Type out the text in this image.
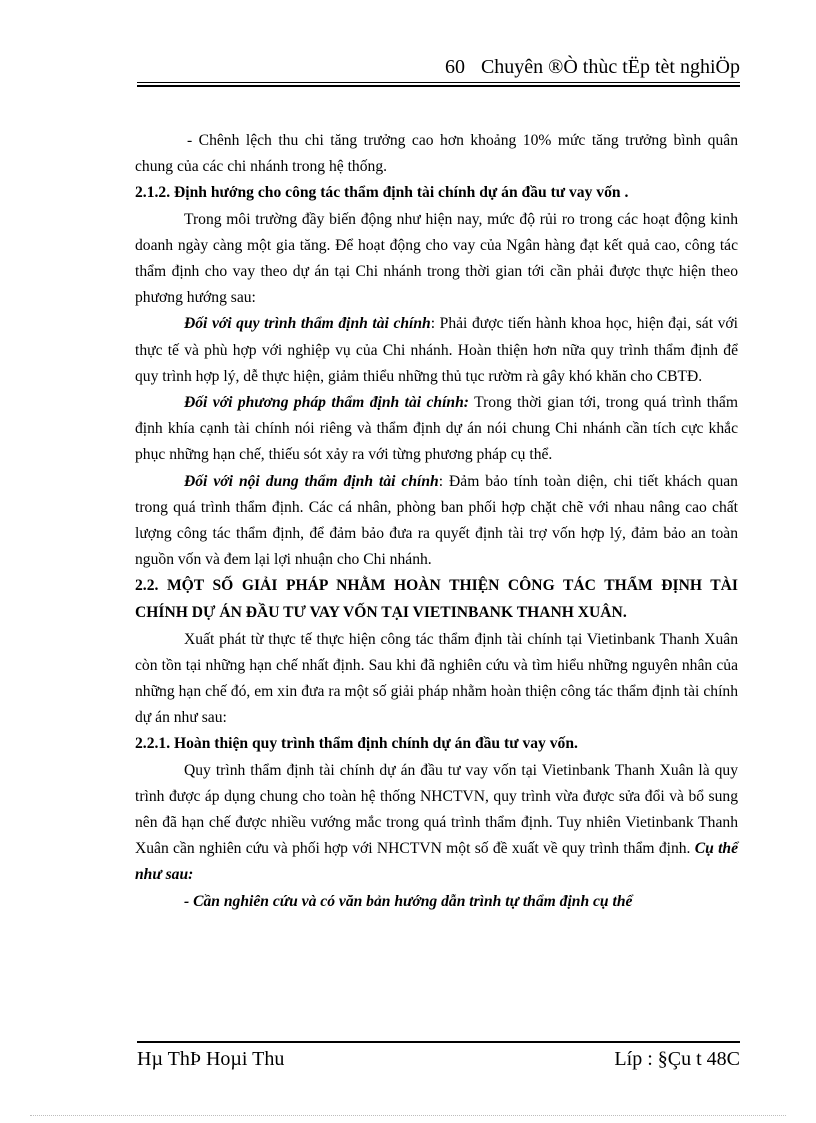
60 Chuyên ®Ò thùc tËp tèt nghiÖp

- Chênh lệch thu chi tăng trưởng cao hơn khoảng 10% mức tăng trưởng bình quân chung của các chi nhánh trong hệ thống.

2.1.2. Định hướng cho công tác thẩm định tài chính dự án đầu tư vay vốn .

Trong môi trường đầy biến động như hiện nay, mức độ rủi ro trong các hoạt động kinh doanh ngày càng một gia tăng. Để hoạt động cho vay của Ngân hàng đạt kết quả cao, công tác thẩm định cho vay theo dự án tại Chi nhánh trong thời gian tới cần phải được thực hiện theo phương hướng sau:

Đối với quy trình thẩm định tài chính: Phải được tiến hành khoa học, hiện đại, sát với thực tế và phù hợp với nghiệp vụ của Chi nhánh. Hoàn thiện hơn nữa quy trình thẩm định để quy trình hợp lý, dễ thực hiện, giảm thiểu những thủ tục rườm rà gây khó khăn cho CBTĐ.

Đối với phương pháp thẩm định tài chính: Trong thời gian tới, trong quá trình thẩm định khía cạnh tài chính nói riêng và thẩm định dự án nói chung Chi nhánh cần tích cực khắc phục những hạn chế, thiếu sót xảy ra với từng phương pháp cụ thể.

Đối với nội dung thẩm định tài chính: Đảm bảo tính toàn diện, chi tiết khách quan trong quá trình thẩm định. Các cá nhân, phòng ban phối hợp chặt chẽ với nhau nâng cao chất lượng công tác thẩm định, để đảm bảo đưa ra quyết định tài trợ vốn hợp lý, đảm bảo an toàn nguồn vốn và đem lại lợi nhuận cho Chi nhánh.

2.2. MỘT SỐ GIẢI PHÁP NHẰM HOÀN THIỆN CÔNG TÁC THẨM ĐỊNH TÀI CHÍNH DỰ ÁN ĐẦU TƯ VAY VỐN TẠI VIETINBANK THANH XUÂN.

Xuất phát từ thực tế thực hiện công tác thẩm định tài chính tại Vietinbank Thanh Xuân còn tồn tại những hạn chế nhất định. Sau khi đã nghiên cứu và tìm hiểu những nguyên nhân của những hạn chế đó, em xin đưa ra một số giải pháp nhằm hoàn thiện công tác thẩm định tài chính dự án như sau:

2.2.1. Hoàn thiện quy trình thẩm định chính dự án đầu tư vay vốn.

Quy trình thẩm định tài chính dự án đầu tư vay vốn tại Vietinbank Thanh Xuân là quy trình được áp dụng chung cho toàn hệ thống NHCTVN, quy trình vừa được sửa đổi và bổ sung nên đã hạn chế được nhiều vướng mắc trong quá trình thẩm định. Tuy nhiên Vietinbank Thanh Xuân cần nghiên cứu và phối hợp với NHCTVN một số đề xuất về quy trình thẩm định. Cụ thể như sau:

- Cần nghiên cứu và có văn bản hướng dẫn trình tự thẩm định cụ thể

Hµ ThÞ Hoµi Thu	Líp : §Çu t 48C
